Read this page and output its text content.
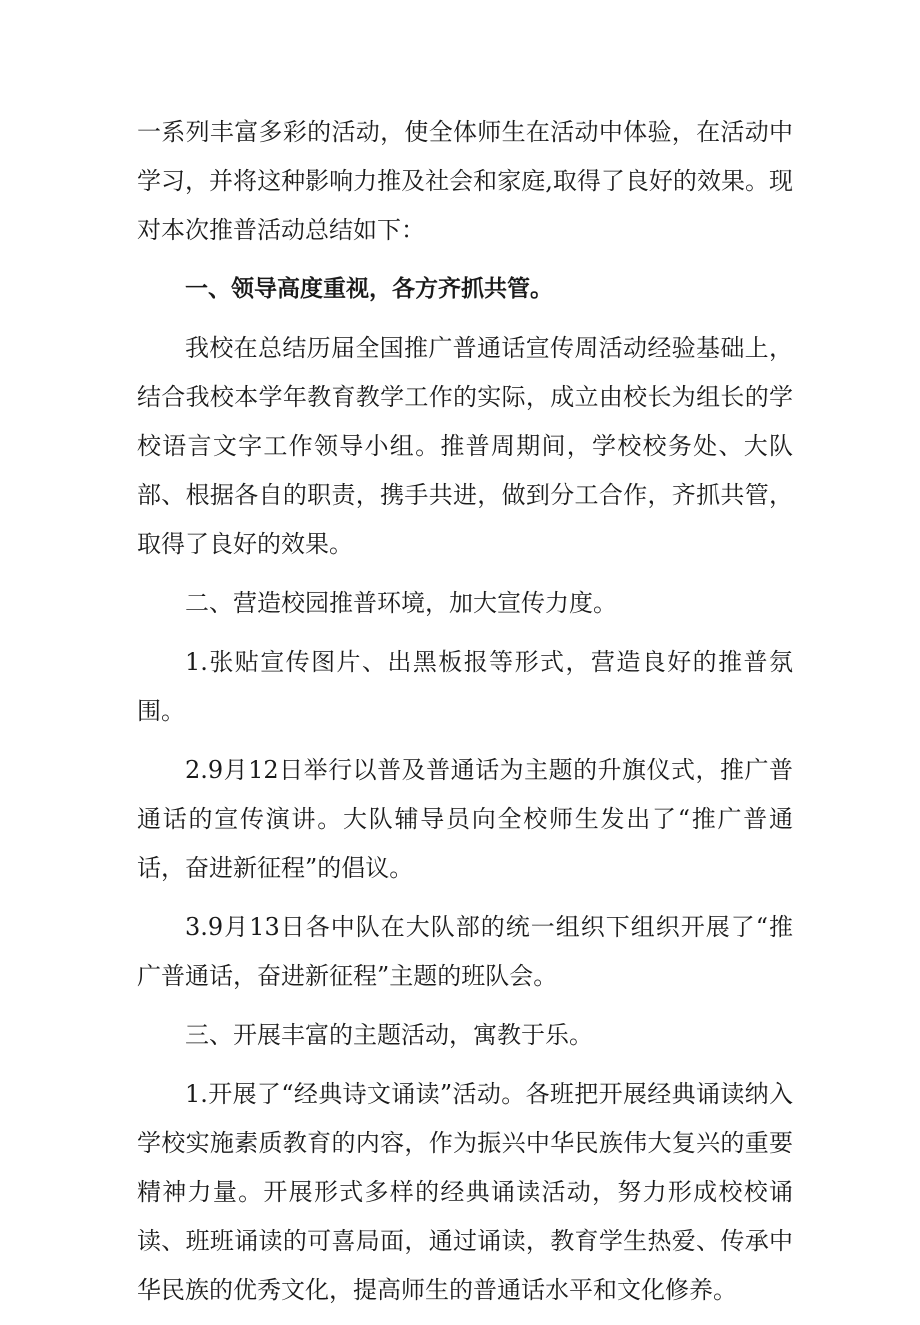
一系列丰富多彩的活动，使全体师生在活动中体验，在活动中学习，并将这种影响力推及社会和家庭,取得了良好的效果。现对本次推普活动总结如下：

一、领导高度重视，各方齐抓共管。

我校在总结历届全国推广普通话宣传周活动经验基础上，结合我校本学年教育教学工作的实际，成立由校长为组长的学校语言文字工作领导小组。推普周期间，学校校务处、大队部、根据各自的职责，携手共进，做到分工合作，齐抓共管，取得了良好的效果。

二、营造校园推普环境，加大宣传力度。

1.张贴宣传图片、出黑板报等形式，营造良好的推普氛围。

2.9月12日举行以普及普通话为主题的升旗仪式，推广普通话的宣传演讲。大队辅导员向全校师生发出了“推广普通话，奋进新征程”的倡议。

3.9月13日各中队在大队部的统一组织下组织开展了“推广普通话，奋进新征程”主题的班队会。

三、开展丰富的主题活动，寓教于乐。

1.开展了“经典诗文诵读”活动。各班把开展经典诵读纳入学校实施素质教育的内容，作为振兴中华民族伟大复兴的重要精神力量。开展形式多样的经典诵读活动，努力形成校校诵读、班班诵读的可喜局面，通过诵读，教育学生热爱、传承中华民族的优秀文化，提高师生的普通话水平和文化修养。
